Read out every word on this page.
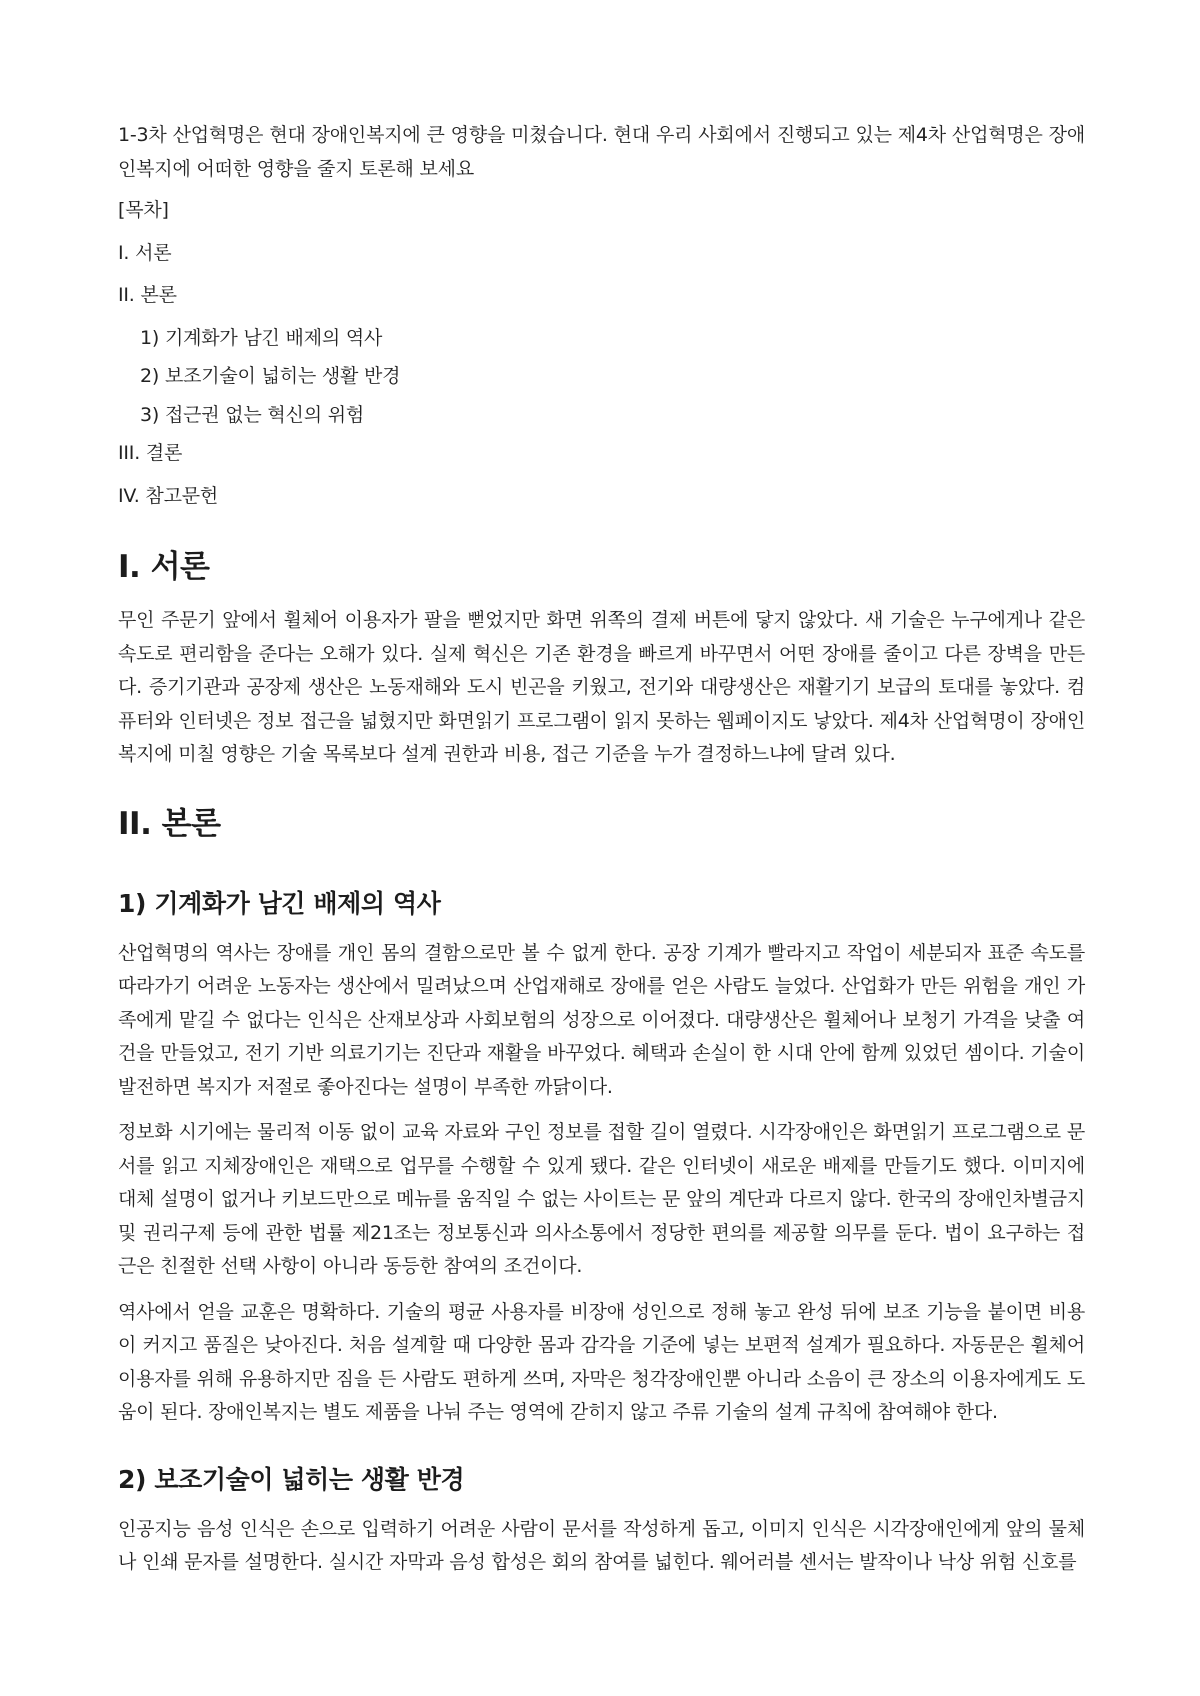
1-3차 산업혁명은 현대 장애인복지에 큰 영향을 미쳤습니다. 현대 우리 사회에서 진행되고 있는 제4차 산업혁명은 장애인복지에 어떠한 영향을 줄지 토론해 보세요

[목차]

I. 서론

II. 본론

1) 기계화가 남긴 배제의 역사

2) 보조기술이 넓히는 생활 반경

3) 접근권 없는 혁신의 위험

III. 결론

IV. 참고문헌

I. 서론

무인 주문기 앞에서 휠체어 이용자가 팔을 뻗었지만 화면 위쪽의 결제 버튼에 닿지 않았다. 새 기술은 누구에게나 같은 속도로 편리함을 준다는 오해가 있다. 실제 혁신은 기존 환경을 빠르게 바꾸면서 어떤 장애를 줄이고 다른 장벽을 만든다. 증기기관과 공장제 생산은 노동재해와 도시 빈곤을 키웠고, 전기와 대량생산은 재활기기 보급의 토대를 놓았다. 컴퓨터와 인터넷은 정보 접근을 넓혔지만 화면읽기 프로그램이 읽지 못하는 웹페이지도 낳았다. 제4차 산업혁명이 장애인복지에 미칠 영향은 기술 목록보다 설계 권한과 비용, 접근 기준을 누가 결정하느냐에 달려 있다.

II. 본론
1) 기계화가 남긴 배제의 역사

산업혁명의 역사는 장애를 개인 몸의 결함으로만 볼 수 없게 한다. 공장 기계가 빨라지고 작업이 세분되자 표준 속도를 따라가기 어려운 노동자는 생산에서 밀려났으며 산업재해로 장애를 얻은 사람도 늘었다. 산업화가 만든 위험을 개인 가족에게 맡길 수 없다는 인식은 산재보상과 사회보험의 성장으로 이어졌다. 대량생산은 휠체어나 보청기 가격을 낮출 여건을 만들었고, 전기 기반 의료기기는 진단과 재활을 바꾸었다. 혜택과 손실이 한 시대 안에 함께 있었던 셈이다. 기술이 발전하면 복지가 저절로 좋아진다는 설명이 부족한 까닭이다.

정보화 시기에는 물리적 이동 없이 교육 자료와 구인 정보를 접할 길이 열렸다. 시각장애인은 화면읽기 프로그램으로 문서를 읽고 지체장애인은 재택으로 업무를 수행할 수 있게 됐다. 같은 인터넷이 새로운 배제를 만들기도 했다. 이미지에 대체 설명이 없거나 키보드만으로 메뉴를 움직일 수 없는 사이트는 문 앞의 계단과 다르지 않다. 한국의 장애인차별금지 및 권리구제 등에 관한 법률 제21조는 정보통신과 의사소통에서 정당한 편의를 제공할 의무를 둔다. 법이 요구하는 접근은 친절한 선택 사항이 아니라 동등한 참여의 조건이다.

역사에서 얻을 교훈은 명확하다. 기술의 평균 사용자를 비장애 성인으로 정해 놓고 완성 뒤에 보조 기능을 붙이면 비용이 커지고 품질은 낮아진다. 처음 설계할 때 다양한 몸과 감각을 기준에 넣는 보편적 설계가 필요하다. 자동문은 휠체어 이용자를 위해 유용하지만 짐을 든 사람도 편하게 쓰며, 자막은 청각장애인뿐 아니라 소음이 큰 장소의 이용자에게도 도움이 된다. 장애인복지는 별도 제품을 나눠 주는 영역에 갇히지 않고 주류 기술의 설계 규칙에 참여해야 한다.

2) 보조기술이 넓히는 생활 반경

인공지능 음성 인식은 손으로 입력하기 어려운 사람이 문서를 작성하게 돕고, 이미지 인식은 시각장애인에게 앞의 물체나 인쇄 문자를 설명한다. 실시간 자막과 음성 합성은 회의 참여를 넓힌다. 웨어러블 센서는 발작이나 낙상 위험 신호를
